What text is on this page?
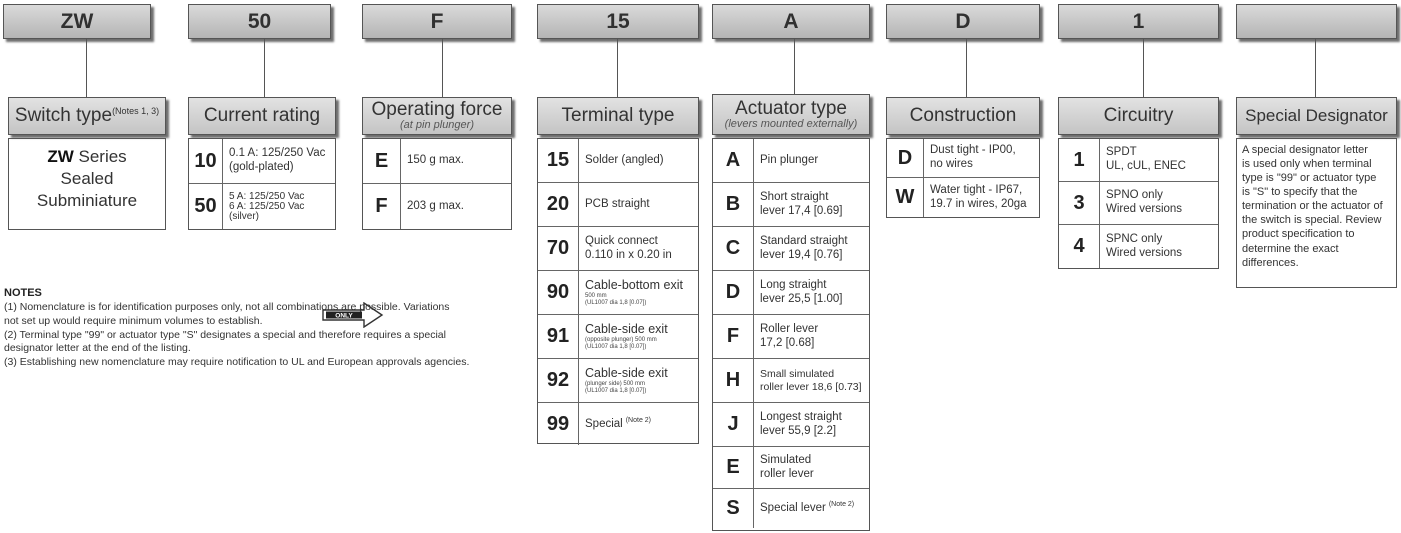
ZW	50	F	15	A	D	1
Switch type$^{(Notes 1, 3)}$
ZW Series
Sealed
Subminiature
Current rating
10	0.1 A: 125/250 Vac
(gold-plated)
50	5 A: 125/250 Vac
6 A: 125/250 Vac
(silver)
ONLY
Operating force
(at pin plunger)
E	150 g max.
F	203 g max.
Terminal type
15	Solder (angled)
20	PCB straight
70	Quick connect
0.110 in x 0.20 in
90	Cable-bottom exit
500 mm
(UL1007 dia 1,8 [0.07])
91	Cable-side exit
(opposite plunger) 500 mm
(UL1007 dia 1,8 [0.07])
92	Cable-side exit
(plunger side) 500 mm
(UL1007 dia 1,8 [0.07])
99	Special $^{(Note 2)}$
Actuator type
(levers mounted externally)
A	Pin plunger
B	Short straight
lever 17,4 [0.69]
C	Standard straight
lever 19,4 [0.76]
D	Long straight
lever 25,5 [1.00]
F	Roller lever
17,2 [0.68]
H	Small simulated
roller lever 18,6 [0.73]
J	Longest straight
lever 55,9 [2.2]
E	Simulated
roller lever
S	Special lever $^{(Note 2)}$
Construction
D	Dust tight - IP00,
no wires
W	Water tight - IP67,
19.7 in wires, 20ga
Circuitry
1	SPDT
UL, cUL, ENEC
3	SPNO only
Wired versions
4	SPNC only
Wired versions
Special Designator
A special designator letter
is used only when terminal
type is "99" or actuator type
is "S" to specify that the
termination or the actuator of
the switch is special. Review
product specification to
determine the exact
differences.
NOTES
(1) Nomenclature is for identification purposes only, not all combinations are possible. Variations
not set up would require minimum volumes to establish.
(2) Terminal type "99" or actuator type "S" designates a special and therefore requires a special
designator letter at the end of the listing.
(3) Establishing new nomenclature may require notification to UL and European approvals agencies.
